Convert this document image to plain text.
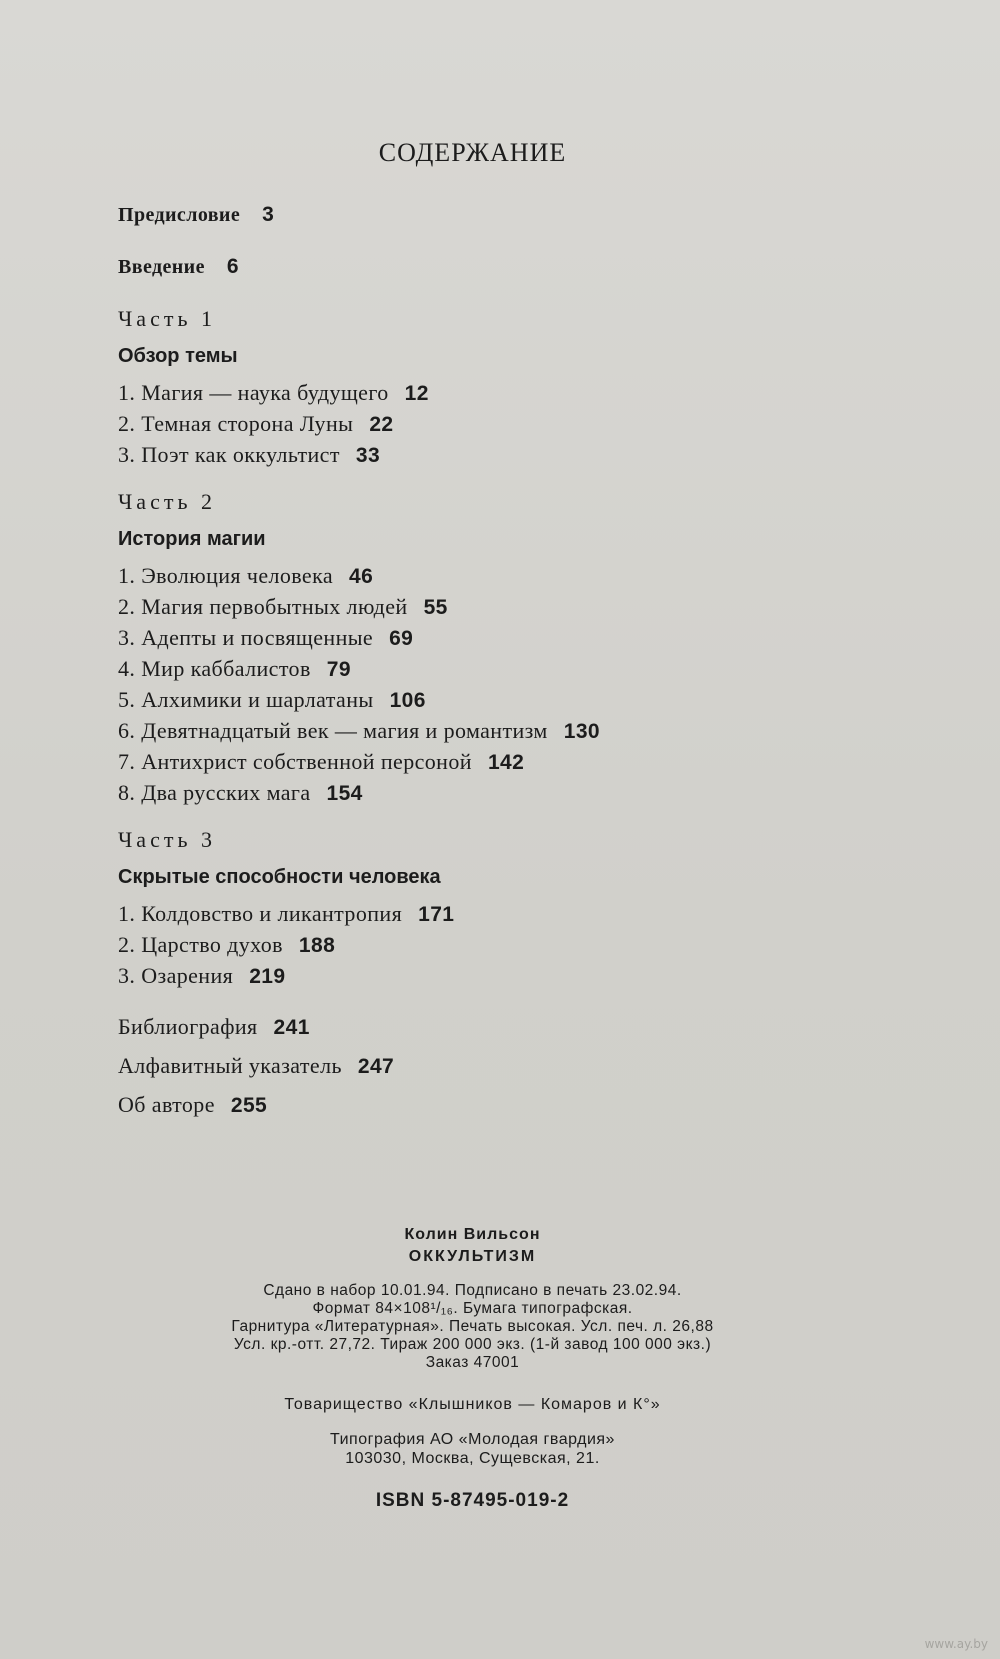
СОДЕРЖАНИЕ
Предисловие 3
Введение 6
Часть 1
Обзор темы
1. Магия — наука будущего 12
2. Темная сторона Луны 22
3. Поэт как оккультист 33
Часть 2
История магии
1. Эволюция человека 46
2. Магия первобытных людей 55
3. Адепты и посвященные 69
4. Мир каббалистов 79
5. Алхимики и шарлатаны 106
6. Девятнадцатый век — магия и романтизм 130
7. Антихрист собственной персоной 142
8. Два русских мага 154
Часть 3
Скрытые способности человека
1. Колдовство и ликантропия 171
2. Царство духов 188
3. Озарения 219
Библиография 241
Алфавитный указатель 247
Об авторе 255
Колин Вильсон
ОККУЛЬТИЗМ
Сдано в набор 10.01.94. Подписано в печать 23.02.94.
Формат 84×108¹/₁₆. Бумага типографская.
Гарнитура «Литературная». Печать высокая. Усл. печ. л. 26,88
Усл. кр.-отт. 27,72. Тираж 200 000 экз. (1-й завод 100 000 экз.)
Заказ 47001
Товарищество «Клышников — Комаров и К°»
Типография АО «Молодая гвардия»
103030, Москва, Сущевская, 21.
ISBN 5-87495-019-2
www.ay.by
